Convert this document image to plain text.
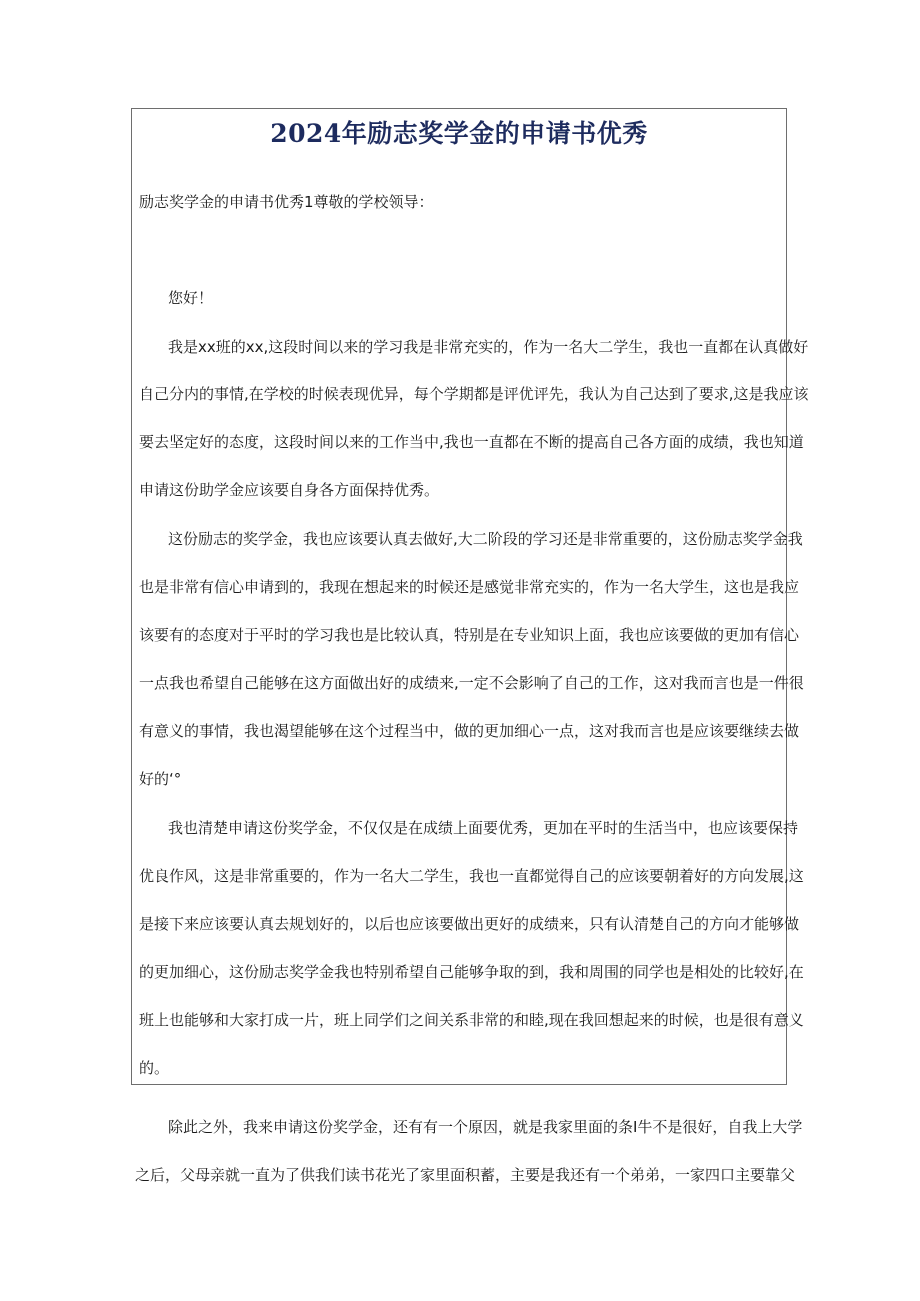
2024年励志奖学金的申请书优秀

励志奖学金的申请书优秀1尊敬的学校领导：

您好！

我是xx班的xx,这段时间以来的学习我是非常充实的，作为一名大二学生，我也一直都在认真做好

自己分内的事情,在学校的时候表现优异，每个学期都是评优评先，我认为自己达到了要求,这是我应该

要去坚定好的态度，这段时间以来的工作当中,我也一直都在不断的提高自己各方面的成绩，我也知道

申请这份助学金应该要自身各方面保持优秀。

这份励志的奖学金，我也应该要认真去做好,大二阶段的学习还是非常重要的，这份励志奖学金我

也是非常有信心申请到的，我现在想起来的时候还是感觉非常充实的，作为一名大学生，这也是我应

该要有的态度对于平时的学习我也是比较认真，特别是在专业知识上面，我也应该要做的更加有信心

一点我也希望自己能够在这方面做出好的成绩来,一定不会影响了自己的工作，这对我而言也是一件很

有意义的事情，我也渴望能够在这个过程当中，做的更加细心一点，这对我而言也是应该要继续去做

好的‘°

我也清楚申请这份奖学金，不仅仅是在成绩上面要优秀，更加在平时的生活当中，也应该要保持

优良作风，这是非常重要的，作为一名大二学生，我也一直都觉得自己的应该要朝着好的方向发展,这

是接下来应该要认真去规划好的，以后也应该要做出更好的成绩来，只有认清楚自己的方向才能够做

的更加细心，这份励志奖学金我也特别希望自己能够争取的到，我和周围的同学也是相处的比较好,在

班上也能够和大家打成一片，班上同学们之间关系非常的和睦,现在我回想起来的时候，也是很有意义

的。

除此之外，我来申请这份奖学金，还有有一个原因，就是我家里面的条Ι牛不是很好，自我上大学

之后，父母亲就一直为了供我们读书花光了家里面积蓄，主要是我还有一个弟弟，一家四口主要靠父
